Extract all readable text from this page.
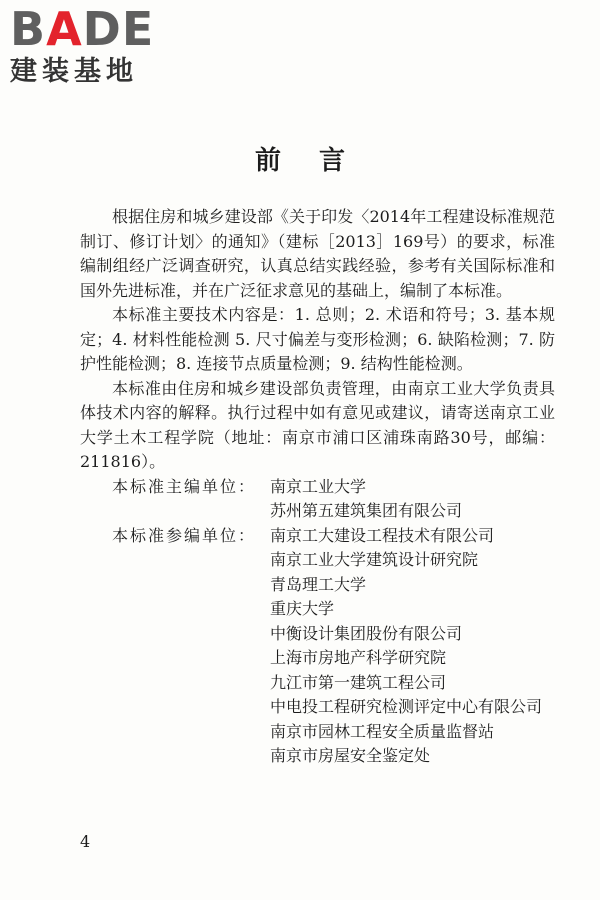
BADE
建装基地
前言

根据住房和城乡建设部《关于印发〈2014年工程建设标准规范制订、修订计划〉的通知》（建标［2013］169号）的要求，标准编制组经广泛调查研究，认真总结实践经验，参考有关国际标准和国外先进标准，并在广泛征求意见的基础上，编制了本标准。

本标准主要技术内容是：1. 总则；2. 术语和符号；3. 基本规定；4. 材料性能检测 5. 尺寸偏差与变形检测；6. 缺陷检测；7. 防护性能检测；8. 连接节点质量检测；9. 结构性能检测。

本标准由住房和城乡建设部负责管理，由南京工业大学负责具体技术内容的解释。执行过程中如有意见或建议，请寄送南京工业大学土木工程学院（地址：南京市浦口区浦珠南路30号，邮编：211816）。

本标准主编单位： 南京工业大学
苏州第五建筑集团有限公司
本标准参编单位： 南京工大建设工程技术有限公司
南京工业大学建筑设计研究院
青岛理工大学
重庆大学
中衡设计集团股份有限公司
上海市房地产科学研究院
九江市第一建筑工程公司
中电投工程研究检测评定中心有限公司
南京市园林工程安全质量监督站
南京市房屋安全鉴定处
4
